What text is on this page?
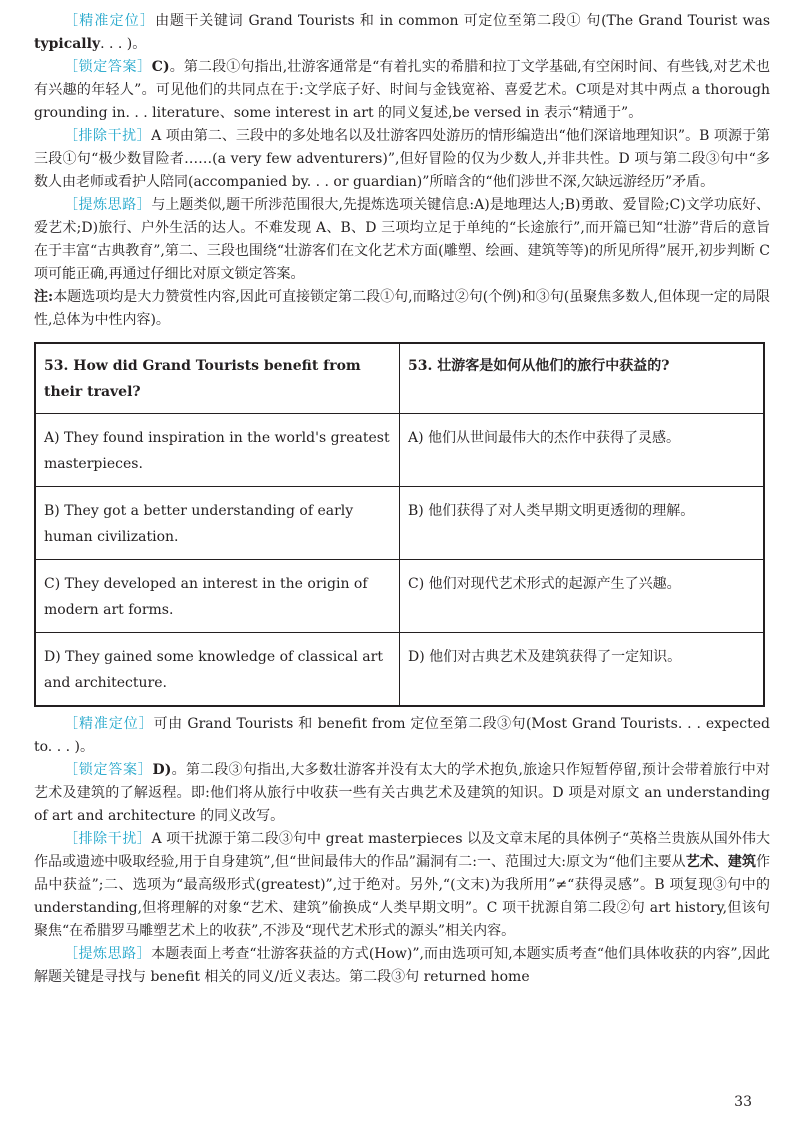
［精准定位］由题干关键词 Grand Tourists 和 in common 可定位至第二段① 句(The Grand Tourist was typically. . . )。

［锁定答案］C)。第二段①句指出,壮游客通常是“有着扎实的希腊和拉丁文学基础,有空闲时间、有些钱,对艺术也有兴趣的年轻人”。可见他们的共同点在于:文学底子好、时间与金钱宽裕、喜爱艺术。C项是对其中两点 a thorough grounding in. . . literature、some interest in art 的同义复述,be versed in 表示“精通于”。

［排除干扰］A 项由第二、三段中的多处地名以及壮游客四处游历的情形编造出“他们深谙地理知识”。B 项源于第三段①句“极少数冒险者……(a very few adventurers)”,但好冒险的仅为少数人,并非共性。D 项与第二段③句中“多数人由老师或看护人陪同(accompanied by. . . or guardian)”所暗含的“他们涉世不深,欠缺远游经历”矛盾。

［提炼思路］与上题类似,题干所涉范围很大,先提炼选项关键信息:A)是地理达人;B)勇敢、爱冒险;C)文学功底好、爱艺术;D)旅行、户外生活的达人。不难发现 A、B、D 三项均立足于单纯的“长途旅行”,而开篇已知“壮游”背后的意旨在于丰富“古典教育”,第二、三段也围绕“壮游客们在文化艺术方面(雕塑、绘画、建筑等等)的所见所得”展开,初步判断 C 项可能正确,再通过仔细比对原文锁定答案。

注:本题选项均是大力赞赏性内容,因此可直接锁定第二段①句,而略过②句(个例)和③句(虽聚焦多数人,但体现一定的局限性,总体为中性内容)。

53. How did Grand Tourists benefit from their travel?	53. 壮游客是如何从他们的旅行中获益的?
A) They found inspiration in the world's greatest masterpieces.	A) 他们从世间最伟大的杰作中获得了灵感。
B) They got a better understanding of early human civilization.	B) 他们获得了对人类早期文明更透彻的理解。
C) They developed an interest in the origin of modern art forms.	C) 他们对现代艺术形式的起源产生了兴趣。
D) They gained some knowledge of classical art and architecture.	D) 他们对古典艺术及建筑获得了一定知识。

［精准定位］可由 Grand Tourists 和 benefit from 定位至第二段③句(Most Grand Tourists. . . expected to. . . )。

［锁定答案］D)。第二段③句指出,大多数壮游客并没有太大的学术抱负,旅途只作短暂停留,预计会带着旅行中对艺术及建筑的了解返程。即:他们将从旅行中收获一些有关古典艺术及建筑的知识。D 项是对原文 an understanding of art and architecture 的同义改写。

［排除干扰］A 项干扰源于第二段③句中 great masterpieces 以及文章末尾的具体例子“英格兰贵族从国外伟大作品或遗迹中吸取经验,用于自身建筑”,但“世间最伟大的作品”漏洞有二:一、范围过大:原文为“他们主要从艺术、建筑作品中获益”;二、选项为“最高级形式(greatest)”,过于绝对。另外,“(文末)为我所用”≠“获得灵感”。B 项复现③句中的 understanding,但将理解的对象“艺术、建筑”偷换成“人类早期文明”。C 项干扰源自第二段②句 art history,但该句聚焦“在希腊罗马雕塑艺术上的收获”,不涉及“现代艺术形式的源头”相关内容。

［提炼思路］本题表面上考查“壮游客获益的方式(How)”,而由选项可知,本题实质考查“他们具体收获的内容”,因此解题关键是寻找与 benefit 相关的同义/近义表达。第二段③句 returned home

33
